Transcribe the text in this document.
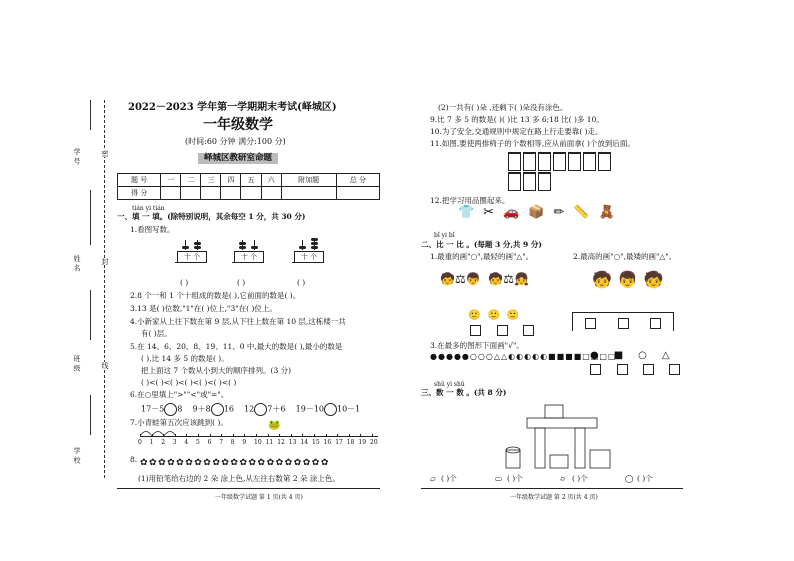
学 号
姓 名
班 级
学 校
密
封
线
2022－2023 学年第一学期期末考试(峄城区)
一年级数学
(时间:60 分钟 满分:100 分)
峄城区教研室命题
题 号	一	二	三	四	五	六	附加题	总 分
得 分								
tián yi tián
一、填 一 填。(除特别说明，其余每空 1 分，共 30 分)
1.看图写数。
十 个	十 个	十 个
( )	( )	( )
2.8 个一和 1 个十组成的数是( ),它前面的数是( )。
3.13 是( )位数,"1"在( )位上,"3"在( )位上。
4.小新家从上往下数在第 9 层,从下往上数在第 10 层,这栋楼一共
有( )层。
5.在 14、6、20、8、19、11、0 中,最大的数是( ),最小的数是
( ),比 14 多 5 的数是( )。
把上面这 7 个数从小到大的顺序排列。(3 分)
( )<( )<( )<( )<( )<( )<( )
6.在○里填上">""<"或"="。
17－5 8 9＋8 16 12 7＋6 19－10 10－1
7.小青蛙第五次应该跳到( )。	🐸
0 1 2 3 4 5 6 7 8 9 10 11 12 13 14 15 16 17 18 19 20
8. ✿✿✿✿✿✿✿✿✿✿✿✿✿✿✿✿✿✿✿✿✿
(1)用铅笔给右边的 2 朵 涂上色,从左往右数第 2 朵 涂上色。
一年级数学试题 第 1 页(共 4 页)
(2)一共有( )朵 ,还剩下( )朵没有涂色。
9.比 7 多 5 的数是( )( )比 13 多 6;18 比( )多 10。
10.为了安全,交通规则中规定在路上行走要靠( )走。
11.如图,要使两排椅子的个数相等,应从前面拿( )个放到后面。
12.把学习用品圈起来。
👕✂🚗📦✏📏🧸
bǐ yi bǐ
二、比 一 比 。(每题 3 分,共 9 分)
1.最重的画"○",最轻的画"△"。	2.最高的画"○",最矮的画"△"。
🧒⚖👦  🧒⚖👧
🙂🙂🙂
🧒👦🧒
3.在最多的图形下面画"√"。
●●●●●○○○△△◐◐◐◐◐■■■■□□□□
●■○△
shǔ yi shǔ
三、数 一 数 。(共 8 分)
▱ ( )个	▭ ( )个	⌭ ( )个	◯ ( )个
一年级数学试题 第 2 页(共 4 页)
